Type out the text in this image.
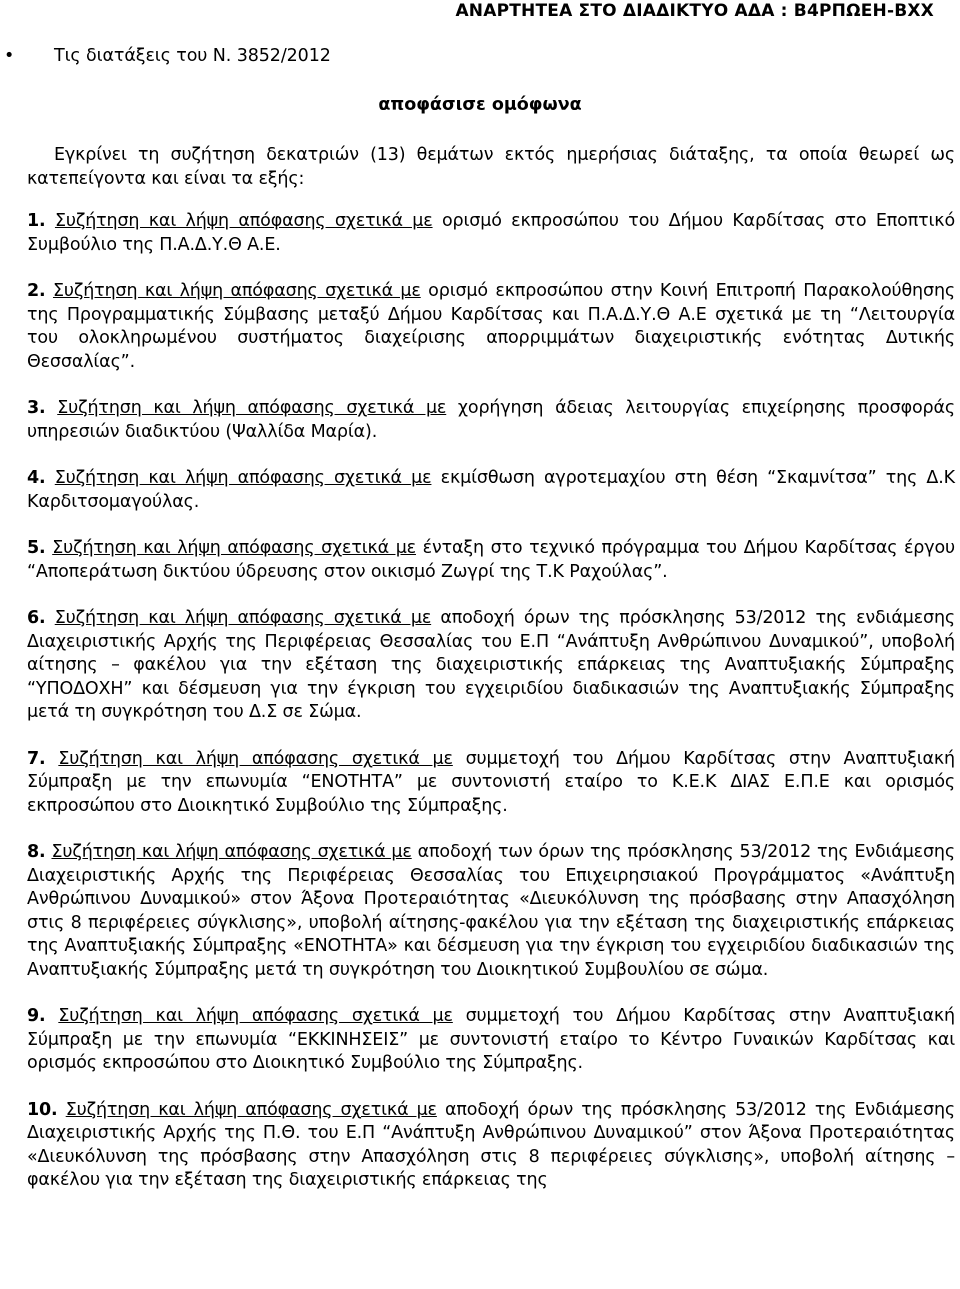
ΑΝΑΡΤΗΤΕΑ ΣΤΟ ΔΙΑΔΙΚΤΥΟ ΑΔΑ : Β4ΡΠΩΕΗ-ΒΧΧ
• Τις διατάξεις του Ν. 3852/2012
αποφάσισε ομόφωνα
Εγκρίνει τη συζήτηση δεκατριών (13) θεμάτων εκτός ημερήσιας διάταξης, τα οποία θεωρεί ως κατεπείγοντα και είναι τα εξής:
1. Συζήτηση και λήψη απόφασης σχετικά με ορισμό εκπροσώπου του Δήμου Καρδίτσας στο Εποπτικό Συμβούλιο της Π.Α.Δ.Υ.Θ Α.Ε.
2. Συζήτηση και λήψη απόφασης σχετικά με ορισμό εκπροσώπου στην Κοινή Επιτροπή Παρακολούθησης της Προγραμματικής Σύμβασης μεταξύ Δήμου Καρδίτσας και Π.Α.Δ.Υ.Θ Α.Ε σχετικά με τη “Λειτουργία του ολοκληρωμένου συστήματος διαχείρισης απορριμμάτων διαχειριστικής ενότητας Δυτικής Θεσσαλίας”.
3. Συζήτηση και λήψη απόφασης σχετικά με χορήγηση άδειας λειτουργίας επιχείρησης προσφοράς υπηρεσιών διαδικτύου (Ψαλλίδα Μαρία).
4. Συζήτηση και λήψη απόφασης σχετικά με εκμίσθωση αγροτεμαχίου στη θέση “Σκαμνίτσα” της Δ.Κ Καρδιτσομαγούλας.
5. Συζήτηση και λήψη απόφασης σχετικά με ένταξη στο τεχνικό πρόγραμμα του Δήμου Καρδίτσας έργου “Αποπεράτωση δικτύου ύδρευσης στον οικισμό Ζωγρί της Τ.Κ Ραχούλας”.
6. Συζήτηση και λήψη απόφασης σχετικά με αποδοχή όρων της πρόσκλησης 53/2012 της ενδιάμεσης Διαχειριστικής Αρχής της Περιφέρειας Θεσσαλίας του Ε.Π “Ανάπτυξη Ανθρώπινου Δυναμικού”, υποβολή αίτησης – φακέλου για την εξέταση της διαχειριστικής επάρκειας της Αναπτυξιακής Σύμπραξης “ΥΠΟΔΟΧΗ” και δέσμευση για την έγκριση του εγχειριδίου διαδικασιών της Αναπτυξιακής Σύμπραξης μετά τη συγκρότηση του Δ.Σ σε Σώμα.
7. Συζήτηση και λήψη απόφασης σχετικά με συμμετοχή του Δήμου Καρδίτσας στην Αναπτυξιακή Σύμπραξη με την επωνυμία “ΕΝΟΤΗΤΑ” με συντονιστή εταίρο το Κ.Ε.Κ ΔΙΑΣ Ε.Π.Ε και ορισμός εκπροσώπου στο Διοικητικό Συμβούλιο της Σύμπραξης.
8. Συζήτηση και λήψη απόφασης σχετικά με αποδοχή των όρων της πρόσκλησης 53/2012 της Ενδιάμεσης Διαχειριστικής Αρχής της Περιφέρειας Θεσσαλίας του Επιχειρησιακού Προγράμματος «Ανάπτυξη Ανθρώπινου Δυναμικού» στον Άξονα Προτεραιότητας «Διευκόλυνση της πρόσβασης στην Απασχόληση στις 8 περιφέρειες σύγκλισης», υποβολή αίτησης-φακέλου για την εξέταση της διαχειριστικής επάρκειας της Αναπτυξιακής Σύμπραξης «ΕΝΟΤΗΤΑ» και δέσμευση για την έγκριση του εγχειριδίου διαδικασιών της Αναπτυξιακής Σύμπραξης μετά τη συγκρότηση του Διοικητικού Συμβουλίου σε σώμα.
9. Συζήτηση και λήψη απόφασης σχετικά με συμμετοχή του Δήμου Καρδίτσας στην Αναπτυξιακή Σύμπραξη με την επωνυμία “ΕΚΚΙΝΗΣΕΙΣ” με συντονιστή εταίρο το Κέντρο Γυναικών Καρδίτσας και ορισμός εκπροσώπου στο Διοικητικό Συμβούλιο της Σύμπραξης.
10. Συζήτηση και λήψη απόφασης σχετικά με αποδοχή όρων της πρόσκλησης 53/2012 της Ενδιάμεσης Διαχειριστικής Αρχής της Π.Θ. του Ε.Π “Ανάπτυξη Ανθρώπινου Δυναμικού” στον Άξονα Προτεραιότητας «Διευκόλυνση της πρόσβασης στην Απασχόληση στις 8 περιφέρειες σύγκλισης», υποβολή αίτησης – φακέλου για την εξέταση της διαχειριστικής επάρκειας της
